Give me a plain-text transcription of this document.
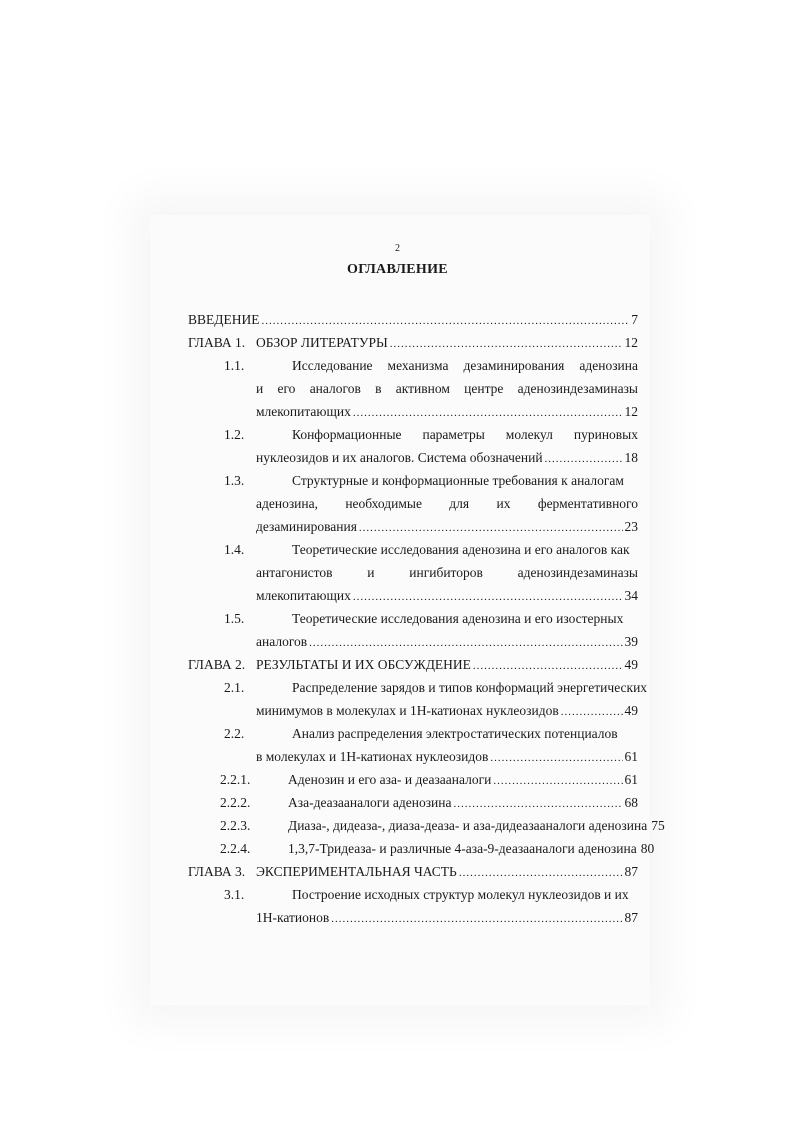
2
ОГЛАВЛЕНИЕ
ВВЕДЕНИЕ .....	7
ГЛАВА 1. ОБЗОР ЛИТЕРАТУРЫ .....	12
1.1.	Исследование механизма дезаминирования аденозина
и его аналогов в активном центре аденозиндезаминазы
млекопитающих .....	12
1.2.	Конформационные параметры молекул пуриновых
нуклеозидов и их аналогов. Система обозначений .....	18
1.3.	Структурные и конформационные требования к аналогам
аденозина, необходимые для их ферментативного
дезаминирования .....	23
1.4.	Теоретические исследования аденозина и его аналогов как
антагонистов и ингибиторов аденозиндезаминазы
млекопитающих .....	34
1.5.	Теоретические исследования аденозина и его изостерных
аналогов .....	39
ГЛАВА 2. РЕЗУЛЬТАТЫ И ИХ ОБСУЖДЕНИЕ .....	49
2.1.	Распределение зарядов и типов конформаций энергетических
минимумов в молекулах и 1H-катионах нуклеозидов .....	49
2.2.	Анализ распределения электростатических потенциалов
в молекулах и 1H-катионах нуклеозидов .....	61
2.2.1.	Аденозин и его аза- и деазааналоги .....	61
2.2.2.	Аза-деазааналоги аденозина .....	68
2.2.3.	Диаза-, дидеаза-, диаза-деаза- и аза-дидеазааналоги аденозина 75
2.2.4.	1,3,7-Тридеаза- и различные 4-аза-9-деазааналоги аденозина 80
ГЛАВА 3. ЭКСПЕРИМЕНТАЛЬНАЯ ЧАСТЬ .....	87
3.1.	Построение исходных структур молекул нуклеозидов и их
1H-катионов .....	87
